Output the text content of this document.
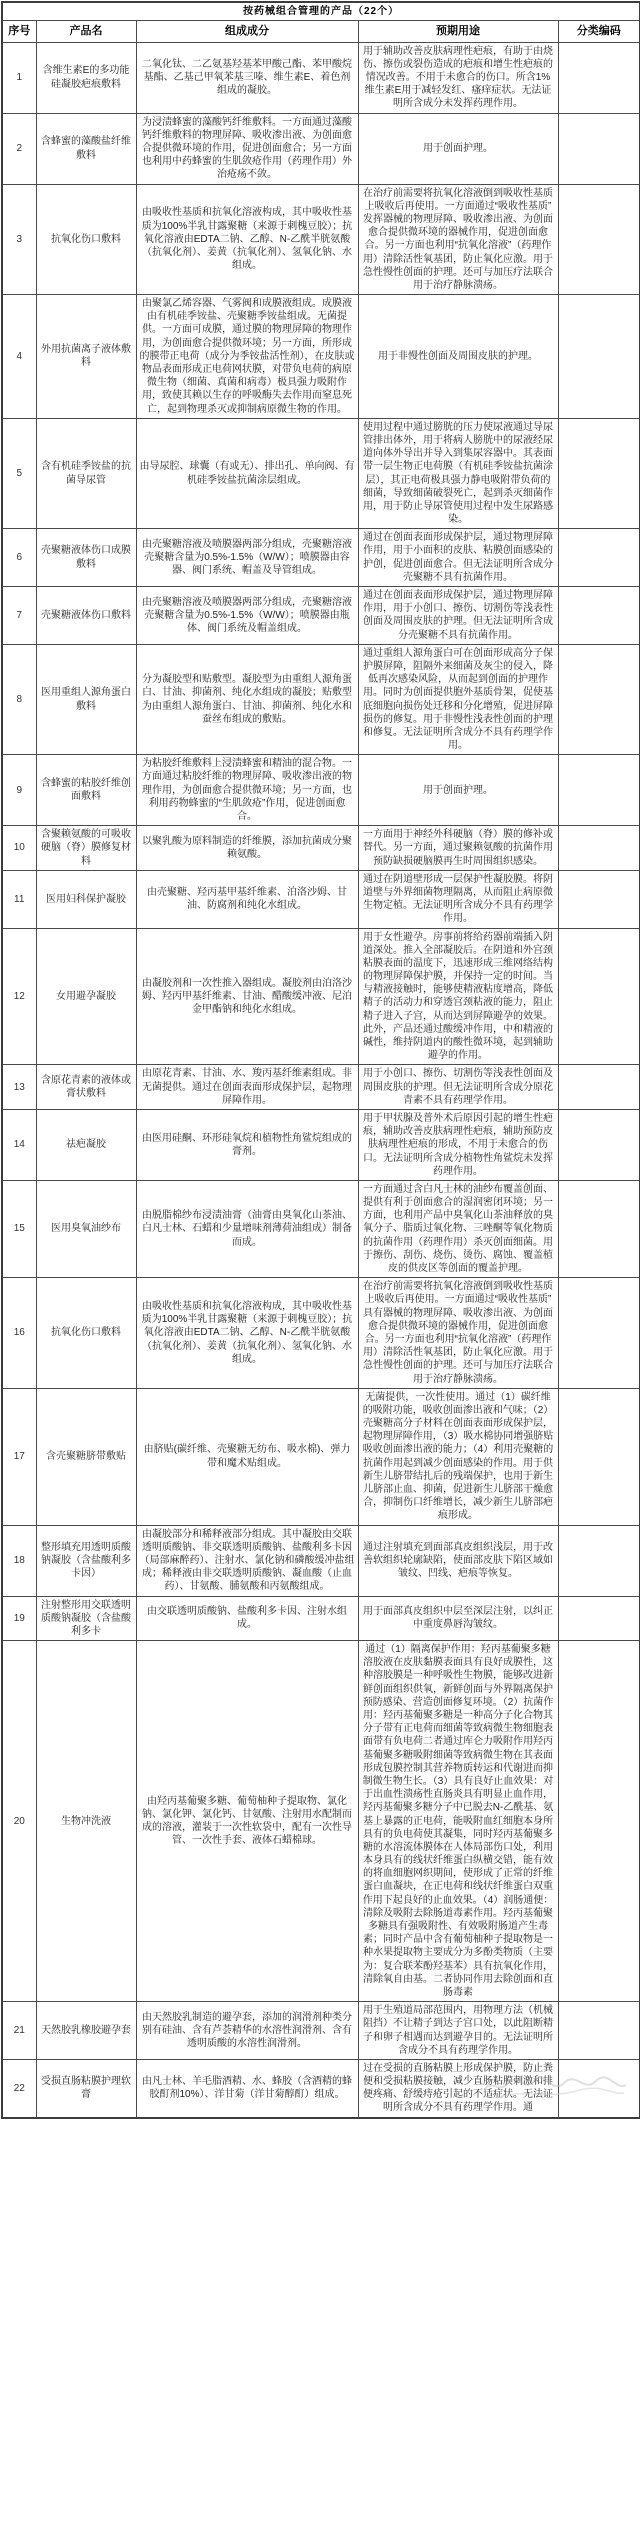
按药械组合管理的产品（22个）				
序号	产品名	组成成分	预期用途	分类编码
1	含维生素E的多功能硅凝胶疤痕敷料	二氧化钛、二乙氨基羟基苯甲酸己酯、苯甲酸烷基酯、乙基己甲氧苯基三嗪、维生素E、着色剂组成的凝胶。	用于辅助改善皮肤病理性疤痕，有助于由烧伤、擦伤或裂伤造成的疤痕和增生性疤痕的情况改善。不用于未愈合的伤口。所含1%维生素E用于减轻发红、瘙痒症状。无法证明所含成分未发挥药理作用。	
2	含蜂蜜的藻酸盐纤维敷料	为浸渍蜂蜜的藻酸钙纤维敷料。一方面通过藻酸钙纤维敷料的物理屏障、吸收渗出液、为创面愈合提供微环境的作用，促进创面愈合；另一方面也利用中药蜂蜜的生肌敛疮作用（药理作用）外治疮疡不敛。	用于创面护理。	
3	抗氧化伤口敷料	由吸收性基质和抗氧化溶液构成，其中吸收性基质为100%半乳甘露聚糖（来源于刺槐豆胶）；抗氧化溶液由EDTA二钠、乙醇、N-乙酰半胱氨酸（抗氧化剂）、姜黄（抗氧化剂）、氢氧化钠、水组成。	在治疗前需要将抗氧化溶液倒到吸收性基质上吸收后再使用。一方面通过“吸收性基质”发挥器械的物理屏障、吸收渗出液、为创面愈合提供微环境的器械作用，促进创面愈合。另一方面也利用“抗氧化溶液”（药理作用）清除活性氧基团，防止氧化应激。用于急性慢性创面的护理。还可与加压疗法联合用于治疗静脉溃疡。	
4	外用抗菌离子液体敷料	由聚氯乙烯容器、气雾阀和成膜液组成。成膜液由有机硅季铵盐、壳聚糖季铵盐组成。无菌提供。一方面可成膜，通过膜的物理屏障的物理作用，为创面愈合提供微环境；另一方面，所形成的膜带正电荷（成分为季铵盐活性剂），在皮肤或物品表面形成正电荷网状膜，对带负电荷的病原微生物（细菌、真菌和病毒）极具强力吸附作用，致使其赖以生存的呼吸酶失去作用而窒息死亡，起到物理杀灭或抑制病原微生物的作用。	用于非慢性创面及周围皮肤的护理。	
5	含有机硅季铵盐的抗菌导尿管	由导尿腔、球囊（有或无）、排出孔、单向阀、有机硅季铵盐抗菌涂层组成。	使用过程中通过膀胱的压力使尿液通过导尿管排出体外，用于将病人膀胱中的尿液经尿道向体外导出并导入到集尿容器中。其表面带一层生物正电荷膜（有机硅季铵盐抗菌涂层），其正电荷极具强力静电吸附带负荷的细菌，导致细菌破裂死亡，起到杀灭细菌作用，用于防止导尿管使用过程中发生尿路感染。	
6	壳聚糖液体伤口成膜敷料	由壳聚糖溶液及喷膜器两部分组成，壳聚糖溶液壳聚糖含量为0.5%-1.5%（W/W）；喷膜器由容器、阀门系统、帽盖及导管组成。	通过在创面表面形成保护层，通过物理屏障作用，用于小面积的皮肤、粘膜创面感染的护创，促进创面愈合。但无法证明所含成分壳聚糖不具有抗菌作用。	
7	壳聚糖液体伤口敷料	由壳聚糖溶液及喷膜器两部分组成，壳聚糖溶液壳聚糖含量为0.5%-1.5%（W/W）；喷膜器由瓶体、阀门系统及帽盖组成。	通过在创面表面形成保护层，通过物理屏障作用，用于小创口、擦伤、切割伤等浅表性创面及周围皮肤的护理。但无法证明所含成分壳聚糖不具有抗菌作用。	
8	医用重组人源角蛋白敷料	分为凝胶型和贴敷型。凝胶型为由重组人源角蛋白、甘油、抑菌剂、纯化水组成的凝胶；贴敷型为由重组人源角蛋白、甘油、抑菌剂、纯化水和蚕丝布组成的敷贴。	通过重组人源角蛋白可在创面形成高分子保护膜屏障，阻隔外来细菌及灰尘的侵入，降低再次感染风险，从而起到创面的护理作用。同时为创面提供胞外基质骨架，促使基底细胞向损伤处迁移和分化增殖，促进屏障损伤的修复。用于非慢性浅表性创面的护理和修复。无法证明所含成分不具有药理学作用。	
9	含蜂蜜的粘胶纤维创面敷料	为粘胶纤维敷料上浸渍蜂蜜和精油的混合物。一方面通过粘胶纤维的物理屏障、吸收渗出液的物理作用，为创面愈合提供微环境；另一方面，也利用药物蜂蜜的“生肌敛疮”作用，促进创面愈合。	用于创面护理。	
10	含聚赖氨酸的可吸收硬脑（脊）膜修复材料	以聚乳酸为原料制造的纤维膜，添加抗菌成分聚赖氨酸。	一方面用于神经外科硬脑（脊）膜的修补或替代。另一方面，通过聚赖氨酸的抗菌作用预防缺损硬脑膜再生时周围组织感染。	
11	医用妇科保护凝胶	由壳聚糖、羟丙基甲基纤维素、泊洛沙姆、甘油、防腐剂和纯化水组成。	通过在阴道壁形成一层保护性凝胶膜。将阴道壁与外界细菌物理隔离，从而阻止病原微生物定植。无法证明所含成分不具有药理学作用。	
12	女用避孕凝胶	由凝胶剂和一次性推入器组成。凝胶剂由泊洛沙姆、羟丙甲基纤维素、甘油、醋酸缓冲液、尼泊金甲酯钠和纯化水组成。	用于女性避孕。房事前将给药器前端插入阴道深处。推入全部凝胶后。在阴道和外宫颈粘膜表面的温度下，迅速形成三维网络结构的物理屏障保护膜，并保持一定的时间。当与精液接触时，能够使精液粘度增高，降低精子的活动力和穿透宫颈粘液的能力，阻止精子进入子宫，从而达到屏障避孕的效果。此外，产品还通过酸缓冲作用，中和精液的碱性，维持阴道内的酸性微环境，起到辅助避孕的作用。	
13	含原花青素的液体或膏状敷料	由原花青素、甘油、水、羧丙基纤维素组成。非无菌提供。通过在创面表面形成保护层，起物理屏障作用。	用于小创口、擦伤、切割伤等浅表性创面及周围皮肤的护理。但无法证明所含成分原花青素不具有药理学作用。	
14	祛疤凝胶	由医用硅酮、环形硅氧烷和植物性角鲨烷组成的膏剂。	用于甲状腺及普外术后原因引起的增生性疤痕，辅助改善皮肤病理性疤痕，辅助预防皮肤病理性疤痕的形成，不用于未愈合的伤口。无法证明所含成分植物性角鲨烷未发挥药理作用。	
15	医用臭氧油纱布	由脱脂棉纱布浸渍油膏（油膏由臭氧化山茶油、白凡士林、石蜡和少量增味剂薄荷油组成）制备而成。	一方面通过含白凡士林的油纱布覆盖创面、提供有利于创面愈合的湿润密闭环境；另一方面，也利用产品中臭氧化山茶油释放的臭氧分子、脂质过氧化物、三唑酮等氧化物质的抗菌作用（药理作用）杀灭创面细菌。用于擦伤、刮伤、烧伤、烫伤、腐蚀、覆盖植皮的供皮区等创面的覆盖护理。	
16	抗氧化伤口敷料	由吸收性基质和抗氧化溶液构成，其中吸收性基质为100%半乳甘露聚糖（来源于刺槐豆胶）；抗氧化溶液由EDTA二钠、乙醇、N-乙酰半胱氨酸（抗氧化剂）、姜黄（抗氧化剂）、氢氧化钠、水组成。	在治疗前需要将抗氧化溶液倒到吸收性基质上吸收后再使用。一方面通过“吸收性基质”具有器械的物理屏障、吸收渗出液、为创面愈合提供微环境的器械作用，促进创面愈合。另一方面也利用“抗氧化溶液”（药理作用）清除活性氧基团，防止氧化应激。用于急性慢性创面的护理。还可与加压疗法联合用于治疗静脉溃疡。	
17	含壳聚糖脐带敷贴	由脐贴(碳纤维、壳聚糖无纺布、吸水棉)、弹力带和魔术贴组成。	无菌提供，一次性使用。通过（1）碳纤维的吸附功能，吸收创面渗出液和气味；（2）壳聚糖高分子材料在创面表面形成保护层，起物理屏障作用，（3）吸水棉协同增强脐贴吸收创面渗出液的能力；（4）利用壳聚糖的抗菌作用起到减少创面感染的作用。用于供新生儿脐带结扎后的残端保护，也用于新生儿脐部止血、抑菌，促进新生儿脐部干燥愈合，抑制伤口纤维增长，减少新生儿脐部疤痕形成。	
18	整形填充用透明质酸钠凝胶（含盐酸利多卡因）	由凝胶部分和稀释液部分组成。其中凝胶由交联透明质酸钠、非交联透明质酸钠、盐酸利多卡因（局部麻醉药）、注射水、氯化钠和磷酸缓冲盐组成；稀释液由非交联透明质酸钠、凝血酸（止血药）、甘氨酸、脯氨酸和丙氨酸组成。	通过注射填充到面部真皮组织浅层，用于改善软组织轮廓缺陷，使面部皮肤下陷区域如皱纹、凹线、疤痕等恢复。	
19	注射整形用交联透明质酸钠凝胶（含盐酸利多卡	由交联透明质酸钠、盐酸利多卡因、注射水组成。	用于面部真皮组织中层至深层注射，以纠正中重度鼻唇沟皱纹。	
20	生物冲洗液	由羟丙基葡聚多糖、葡萄柚种子提取物、氯化钠、氯化钾、氯化钙、甘氨酸、注射用水配制而成的溶液，灌装于一次性软袋中，配有一次性导管、一次性手套、液体石蜡棉球。	通过（1）隔离保护作用：羟丙基葡聚多糖溶胶液在皮肤黏膜表面具有良好成膜性，这种溶胶膜是一种呼吸性生物膜，能够改进新鲜创面组织供氧，新鲜创面与外界隔离保护预防感染、营造创面修复环境。（2）抗菌作用：羟丙基葡聚多糖是一种高分子化合物其分子带有正电荷而细菌等致病微生物细胞表面带有负电荷二者通过库仑力吸附作用羟丙基葡聚多糖吸附细菌等致病微生物在其表面形成包膜控制其营养物质转运和代谢进而抑制微生物生长。（3）具有良好止血效果：对于出血性溃疡性直肠炎具有明显止血作用，羟丙基葡聚多糖分子中已脱去N-乙酰基、氨基上暴露的正电荷，能吸附血红细胞本身所具有的负电荷使其凝集，同时羟丙基葡聚多糖的水溶流体膜体在人体局部伤口处，利用本身具有的线状纤维蛋白纵横交错，能有效的将血细胞网织期间，使形成了正常的纤维蛋白血凝块，在正电荷和线状纤维蛋白双重作用下起良好的止血效果。（4）润肠通便：清除及吸附去除肠道毒素作用。羟丙基葡聚多糖具有强吸附性、有效吸附肠道产生毒素；同时产品中含有葡萄柚种子提取物是一种水果提取物主要成分为多酚类物质（主要为：复合联苯酚羟基苯）具有抗氧化作用，清除氧自由基。二者协同作用去除创面和直肠毒素	
21	天然胶乳橡胶避孕套	由天然胶乳制造的避孕套，添加的润滑剂种类分别有硅油、含有芦荟精华的水溶性润滑剂、含有透明质酸的水溶性润滑剂。	用于生殖道局部范围内，用物理方法（机械阻挡）不让精子到达子宫口处，以此阻断精子和卵子相遇而达到避孕目的。无法证明所含成分不具有药理学作用。	
22	受损直肠粘膜护理软膏	由凡士林、羊毛脂酒精、水、蜂胶（含酒精的蜂胶酊剂10%）、洋甘菊（洋甘菊醇酊）组成。	过在受损的直肠粘膜上形成保护膜，防止粪便和受损粘膜接触，减少直肠粘膜刺激和排便疼痛、舒缓痔疮引起的不适症状。无法证明所含成分不具有药理学作用。通	
